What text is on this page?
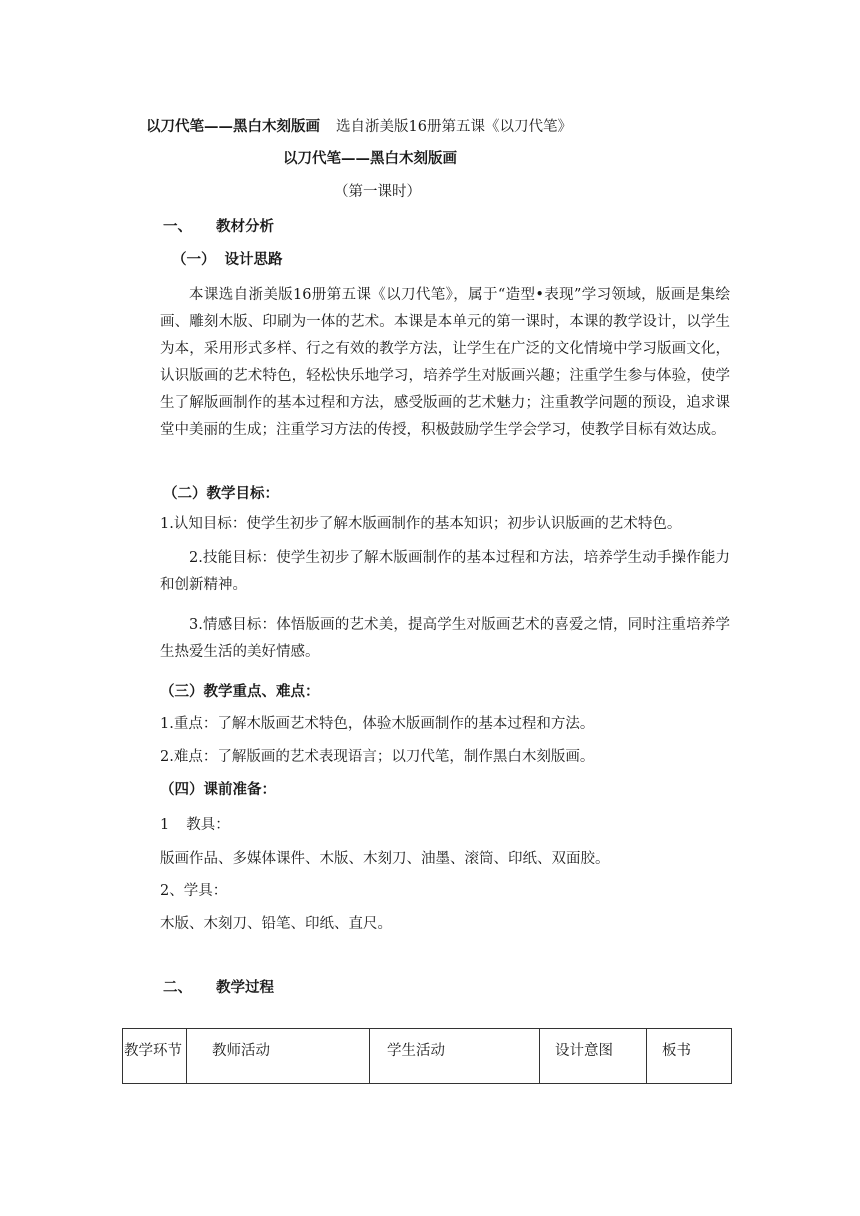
以刀代笔——黑白木刻版画 选自浙美版16册第五课《以刀代笔》
以刀代笔——黑白木刻版画
（第一课时）
一、 教材分析
（一） 设计思路
本课选自浙美版16册第五课《以刀代笔》，属于“造型•表现”学习领域，版画是集绘画、雕刻木版、印刷为一体的艺术。本课是本单元的第一课时，本课的教学设计，以学生为本，采用形式多样、行之有效的教学方法，让学生在广泛的文化情境中学习版画文化，认识版画的艺术特色，轻松快乐地学习，培养学生对版画兴趣；注重学生参与体验，使学生了解版画制作的基本过程和方法，感受版画的艺术魅力；注重教学问题的预设，追求课堂中美丽的生成；注重学习方法的传授，积极鼓励学生学会学习，使教学目标有效达成。
（二）教学目标：
1.认知目标：使学生初步了解木版画制作的基本知识；初步认识版画的艺术特色。
2.技能目标：使学生初步了解木版画制作的基本过程和方法，培养学生动手操作能力和创新精神。
3.情感目标：体悟版画的艺术美，提高学生对版画艺术的喜爱之情，同时注重培养学生热爱生活的美好情感。
（三）教学重点、难点：
1.重点：了解木版画艺术特色，体验木版画制作的基本过程和方法。
2.难点：了解版画的艺术表现语言；以刀代笔，制作黑白木刻版画。
（四）课前准备：
1 教具：
版画作品、多媒体课件、木版、木刻刀、油墨、滚筒、印纸、双面胶。
2、学具：
木版、木刻刀、铅笔、印纸、直尺。
二、 教学过程
教学环节	教师活动	学生活动	设计意图	板书
